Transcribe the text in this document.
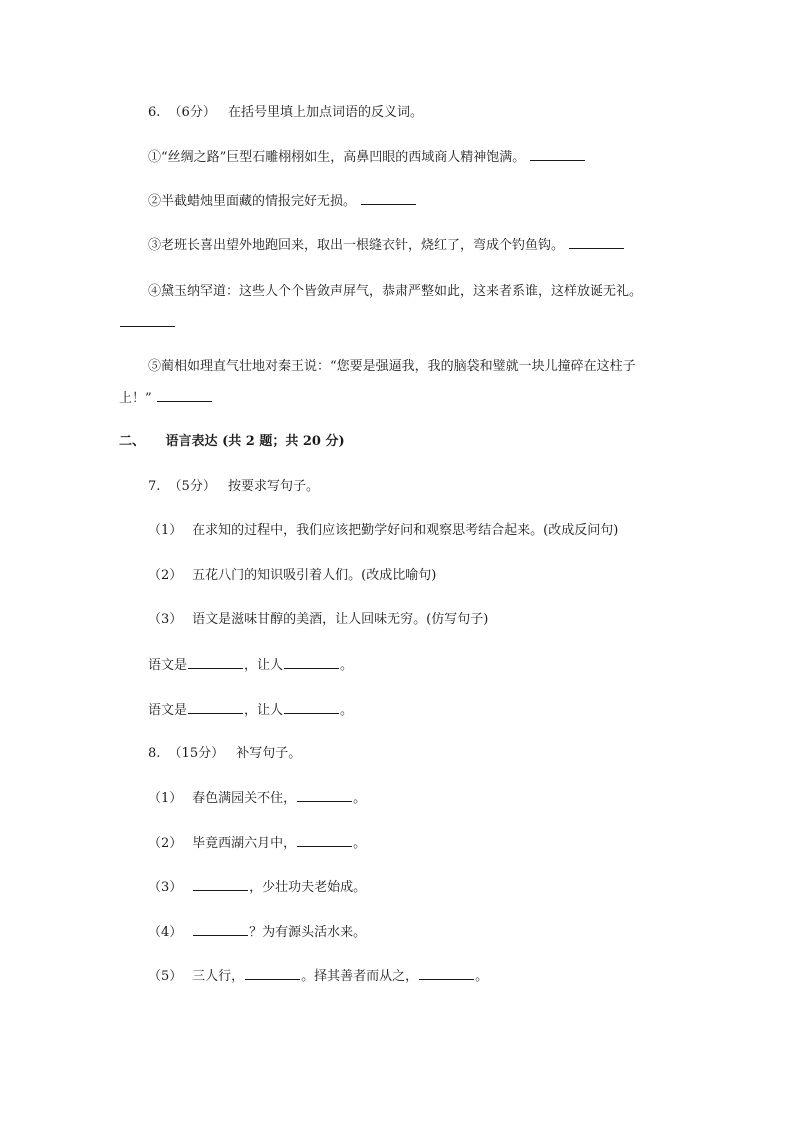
6. （6分） 在括号里填上加点词语的反义词。
①“丝绸之路”巨型石雕栩栩如生，高鼻凹眼的西域商人精神饱满。
②半截蜡烛里面藏的情报完好无损。
③老班长喜出望外地跑回来，取出一根缝衣针，烧红了，弯成个钓鱼钩。
④黛玉纳罕道：这些人个个皆敛声屏气，恭肃严整如此，这来者系谁，这样放诞无礼。
⑤蔺相如理直气壮地对秦王说：“您要是强逼我，我的脑袋和璧就一块儿撞碎在这柱子
上！”
二、 语言表达 (共 2 题；共 20 分)
7. （5分） 按要求写句子。
（1） 在求知的过程中，我们应该把勤学好问和观察思考结合起来。(改成反问句)
（2） 五花八门的知识吸引着人们。(改成比喻句)
（3） 语文是滋味甘醇的美酒，让人回味无穷。(仿写句子)
语文是	，让人	。
语文是	，让人	。
8. （15分） 补写句子。
（1） 春色满园关不住，	。
（2） 毕竟西湖六月中，	。
（3）	，少壮功夫老始成。
（4）	？为有源头活水来。
（5） 三人行，	。择其善者而从之，	。
